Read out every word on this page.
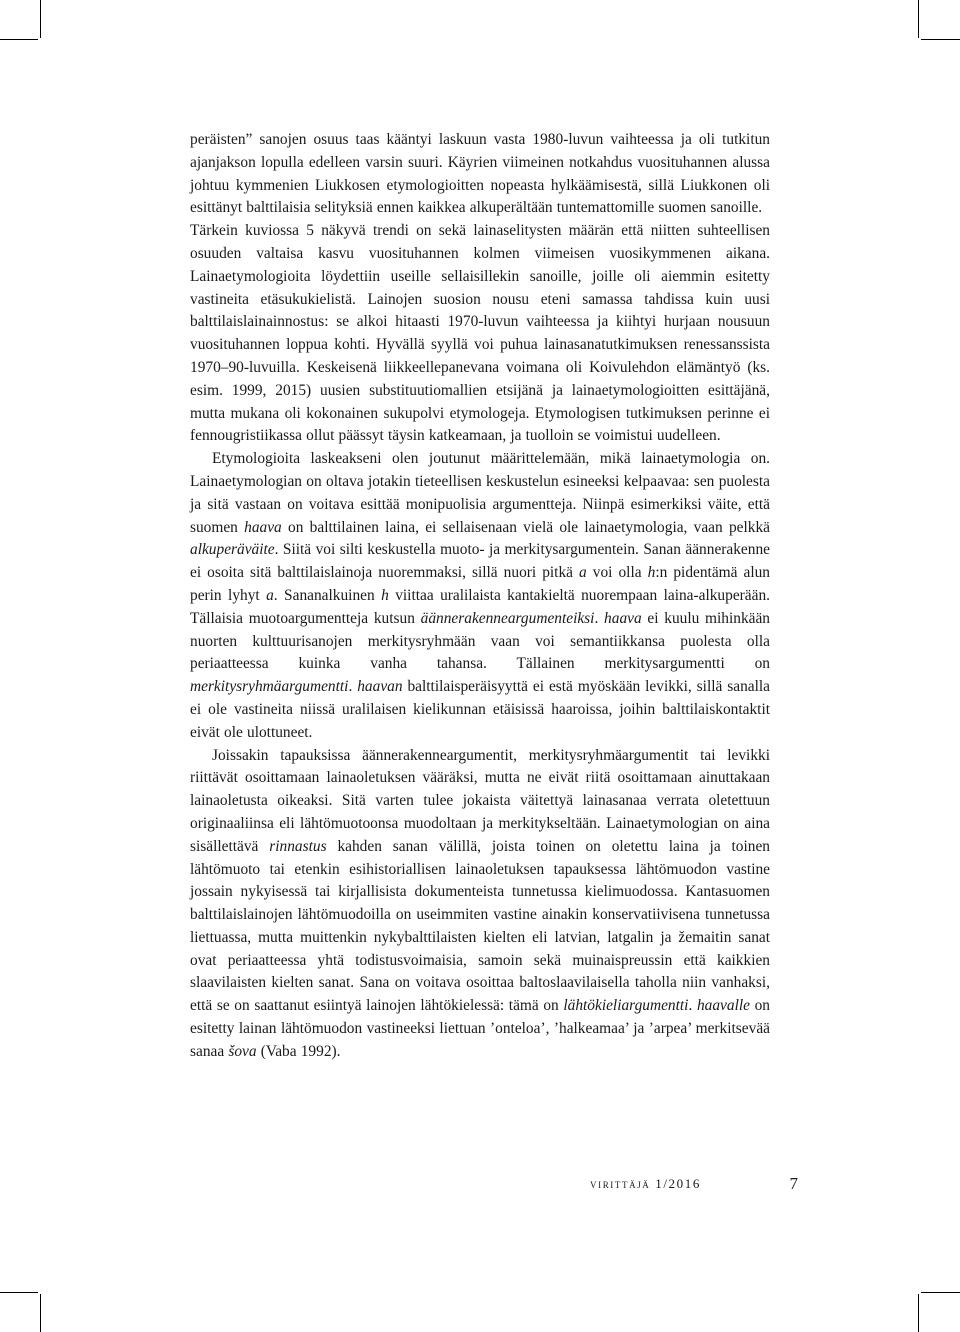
peräisten” sanojen osuus taas kääntyi laskuun vasta 1980-luvun vaihteessa ja oli tutkitun ajanjakson lopulla edelleen varsin suuri. Käyrien viimeinen notkahdus vuosituhannen alussa johtuu kymmenien Liukkosen etymologioitten nopeasta hylkäämisestä, sillä Liukkonen oli esittänyt balttilaisia selityksiä ennen kaikkea alkuperältään tuntemattomille suomen sanoille.

Tärkein kuviossa 5 näkyvä trendi on sekä lainaselitysten määrän että niitten suhteellisen osuuden valtaisa kasvu vuosituhannen kolmen viimeisen vuosikymmenen aikana. Lainaetymologioita löydettiin useille sellaisillekin sanoille, joille oli aiemmin esitetty vastineita etäsukukielistä. Lainojen suosion nousu eteni samassa tahdissa kuin uusi balttilaislainainnostus: se alkoi hitaasti 1970-luvun vaihteessa ja kiihtyi hurjaan nousuun vuosituhannen loppua kohti. Hyvällä syyllä voi puhua lainasanatutkimuksen renessanssista 1970–90-luvuilla. Keskeisenä liikkeellepanevana voimana oli Koivulehdon elämäntyö (ks. esim. 1999, 2015) uusien substituutiomallien etsijänä ja lainaetymologioitten esittäjänä, mutta mukana oli kokonainen sukupolvi etymologeja. Etymologisen tutkimuksen perinne ei fennougristiikassa ollut päässyt täysin katkeamaan, ja tuolloin se voimistui uudelleen.

Etymologioita laskeakseni olen joutunut määrittelemään, mikä lainaetymologia on. Lainaetymologian on oltava jotakin tieteellisen keskustelun esineeksi kelpaavaa: sen puolesta ja sitä vastaan on voitava esittää monipuolisia argumentteja. Niinpä esimerkiksi väite, että suomen haava on balttilainen laina, ei sellaisenaan vielä ole lainaetymologia, vaan pelkkä alkuperäväite. Siitä voi silti keskustella muoto- ja merkitysargumentein. Sanan äännerakenne ei osoita sitä balttilaislainoja nuoremmaksi, sillä nuori pitkä a voi olla h:n pidentämä alun perin lyhyt a. Sananalkuinen h viittaa uralilaista kantakieltä nuorempaan laina-alkuperään. Tällaisia muotoargumentteja kutsun äännerakenneargumenteiksi. haava ei kuulu mihinkään nuorten kulttuurisanojen merkitysryhmään vaan voi semantiikkansa puolesta olla periaatteessa kuinka vanha tahansa. Tällainen merkitysargumentti on merkitysryhmäargumentti. haavan balttilaisperäisyyttä ei estä myöskään levikki, sillä sanalla ei ole vastineita niissä uralilaisen kielikunnan etäisissä haaroissa, joihin balttilaiskontaktit eivät ole ulottuneet.

Joissakin tapauksissa äännerakenneargumentit, merkitysryhmäargumentit tai levikki riittävät osoittamaan lainaoletuksen vääräksi, mutta ne eivät riitä osoittamaan ainuttakaan lainaoletusta oikeaksi. Sitä varten tulee jokaista väitettyä lainasanaa verrata oletettuun originaaliinsa eli lähtömuotoonsa muodoltaan ja merkitykseltään. Lainaetymologian on aina sisällettävä rinnastus kahden sanan välillä, joista toinen on oletettu laina ja toinen lähtömuoto tai etenkin esihistoriallisen lainaoletuksen tapauksessa lähtömuodon vastine jossain nykyisessä tai kirjallisista dokumenteista tunnetussa kielimuodossa. Kantasuomen balttilaislainojen lähtömuodoilla on useimmiten vastine ainakin konservatiivisena tunnetussa liettuassa, mutta muittenkin nykybalttilaisten kielten eli latvian, latgalin ja žemaitin sanat ovat periaatteessa yhtä todistusvoimaisia, samoin sekä muinaispreussin että kaikkien slaavilaisten kielten sanat. Sana on voitava osoittaa baltoslaavilaisella taholla niin vanhaksi, että se on saattanut esiintyä lainojen lähtökielessä: tämä on lähtökieliargumentti. haavalle on esitetty lainan lähtömuodon vastineeksi liettuan ’onteloa’, ’halkeamaa’ ja ’arpea’ merkitsevää sanaa šova (Vaba 1992).

virittäjä 1/2016	7
